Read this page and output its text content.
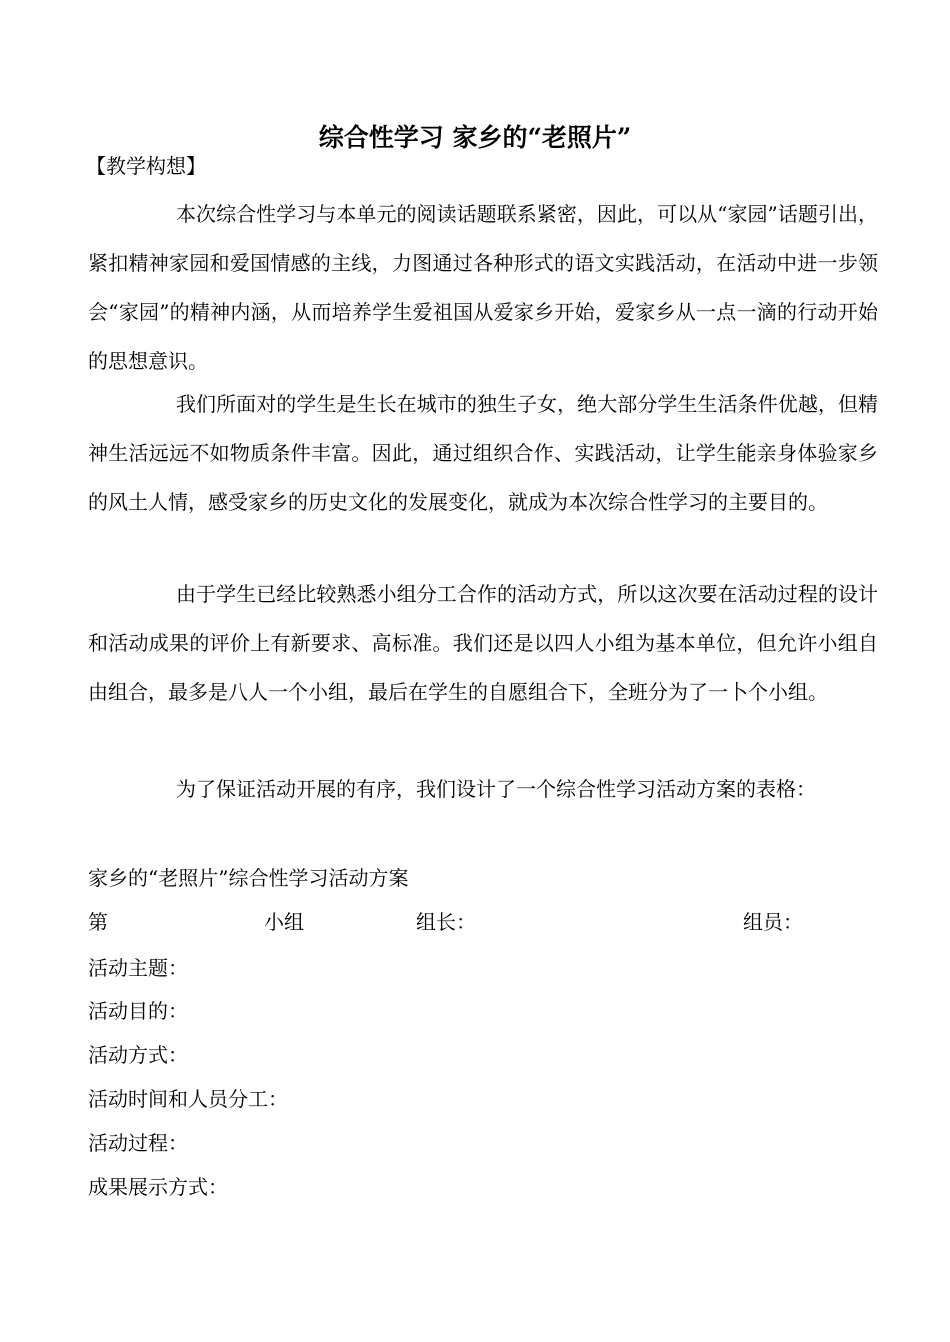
综合性学习 家乡的“老照片”
【教学构想】

本次综合性学习与本单元的阅读话题联系紧密，因此，可以从“家园”话题引出，紧扣精神家园和爱国情感的主线，力图通过各种形式的语文实践活动，在活动中进一步领会“家园”的精神内涵，从而培养学生爱祖国从爱家乡开始，爱家乡从一点一滴的行动开始的思想意识。

我们所面对的学生是生长在城市的独生子女，绝大部分学生生活条件优越，但精神生活远远不如物质条件丰富。因此，通过组织合作、实践活动，让学生能亲身体验家乡的风土人情，感受家乡的历史文化的发展变化，就成为本次综合性学习的主要目的。

由于学生已经比较熟悉小组分工合作的活动方式，所以这次要在活动过程的设计和活动成果的评价上有新要求、高标准。我们还是以四人小组为基本单位，但允许小组自由组合，最多是八人一个小组，最后在学生的自愿组合下，全班分为了一卜个小组。

为了保证活动开展的有序，我们设计了一个综合性学习活动方案的表格：

家乡的“老照片”综合性学习活动方案
第	小组	组长：	组员：
活动主题：
活动目的：
活动方式：
活动时间和人员分工：
活动过程：
成果展示方式：
